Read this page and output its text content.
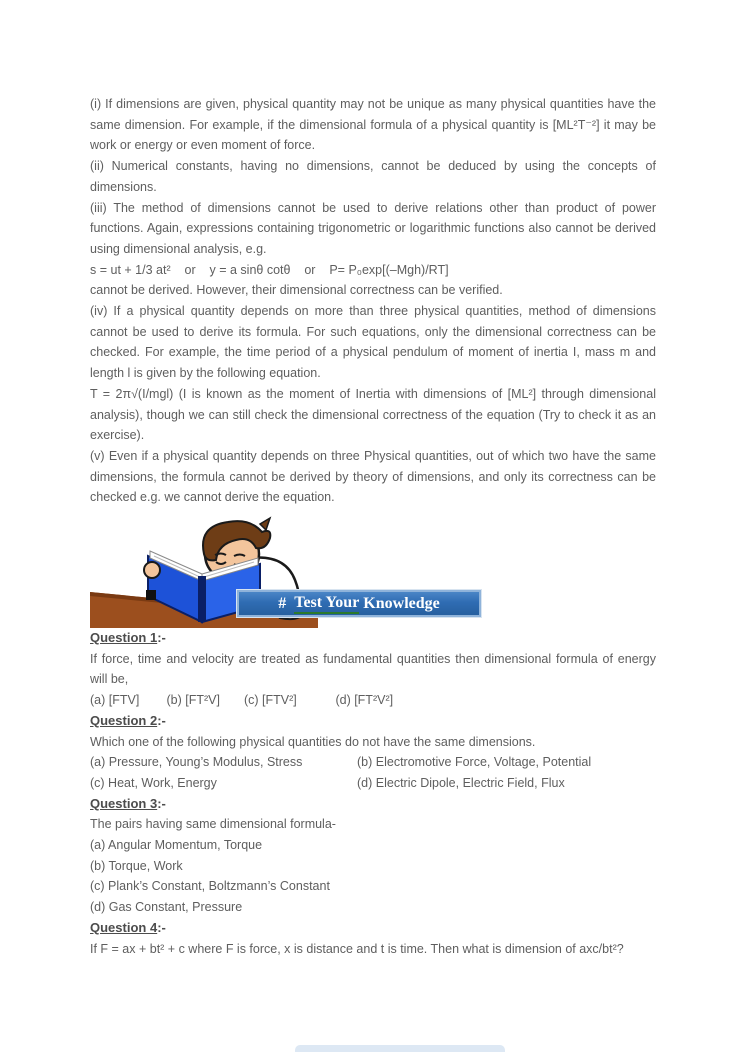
(i) If dimensions are given, physical quantity may not be unique as many physical quantities have the same dimension. For example, if the dimensional formula of a physical quantity is [ML²T⁻²] it may be work or energy or even moment of force.

(ii) Numerical constants, having no dimensions, cannot be deduced by using the concepts of dimensions.

(iii) The method of dimensions cannot be used to derive relations other than product of power functions. Again, expressions containing trigonometric or logarithmic functions also cannot be derived using dimensional analysis, e.g.

s = ut + 1/3 at²    or    y = a sinθ cotθ    or    P= P₀exp[(–Mgh)/RT]

cannot be derived. However, their dimensional correctness can be verified.

(iv) If a physical quantity depends on more than three physical quantities, method of dimensions cannot be used to derive its formula. For such equations, only the dimensional correctness can be checked. For example, the time period of a physical pendulum of moment of inertia I, mass m and length l is given by the following equation.

T = 2π√(I/mgl) (I is known as the moment of Inertia with dimensions of [ML²] through dimensional analysis), though we can still check the dimensional correctness of the equation (Try to check it as an exercise).

(v) Even if a physical quantity depends on three Physical quantities, out of which two have the same dimensions, the formula cannot be derived by theory of dimensions, and only its correctness can be checked e.g. we cannot derive the equation.

# Test Your Knowledge

Question 1:-

If force, time and velocity are treated as fundamental quantities then dimensional formula of energy will be,

(a) [FTV] (b) [FT²V] (c) [FTV²]	(d) [FT²V²]

Question 2:-

Which one of the following physical quantities do not have the same dimensions.

(a) Pressure, Young’s Modulus, Stress	(b) Electromotive Force, Voltage, Potential
(c) Heat, Work, Energy	(d) Electric Dipole, Electric Field, Flux

Question 3:-

The pairs having same dimensional formula-

(a) Angular Momentum, Torque
(b) Torque, Work
(c) Plank’s Constant, Boltzmann’s Constant
(d) Gas Constant, Pressure

Question 4:-

If F = ax + bt² + c where F is force, x is distance and t is time. Then what is dimension of axc/bt²?
